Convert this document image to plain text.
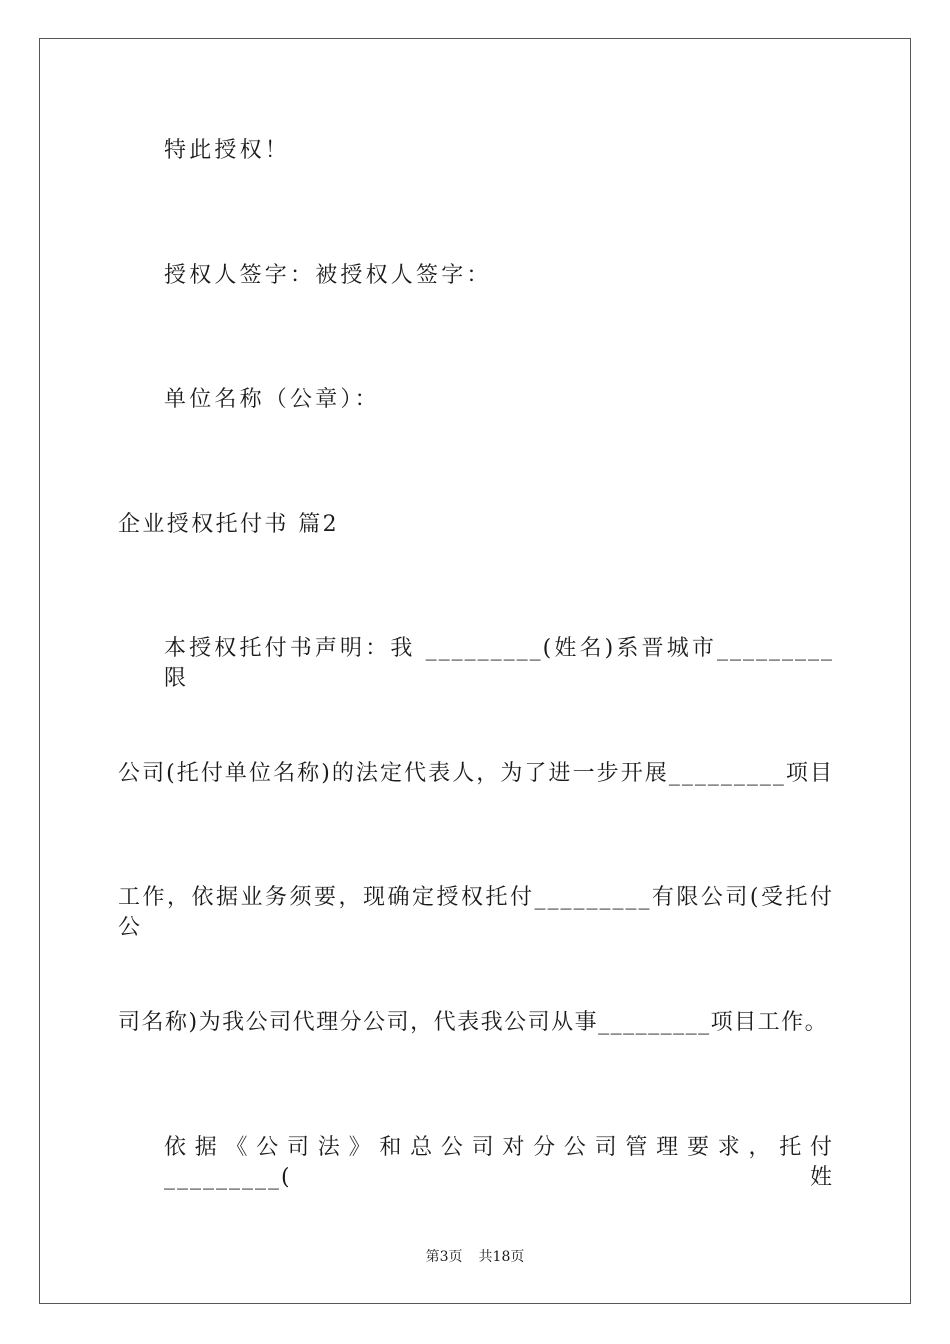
特此授权！
授权人签字：被授权人签字：
单位名称（公章）：
企业授权托付书 篇2
本授权托付书声明：我 _________(姓名)系晋城市_________限
公司(托付单位名称)的法定代表人，为了进一步开展_________项目
工作，依据业务须要，现确定授权托付_________有限公司(受托付公
司名称)为我公司代理分公司，代表我公司从事_________项目工作。
依据《公司法》和总公司对分公司管理要求，托付_________(姓
第3页 共18页
